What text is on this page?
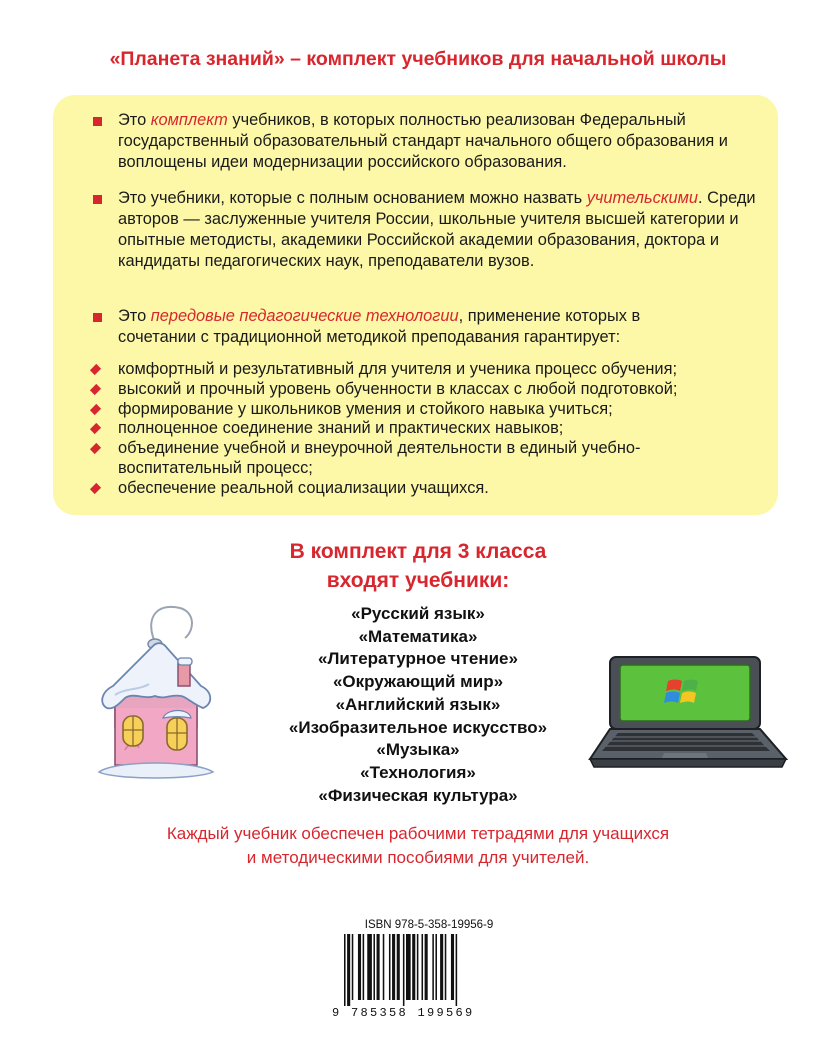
«Планета знаний» – комплект учебников для начальной школы

Это комплект учебников, в которых полностью реализован Федеральный государственный образовательный стандарт начального общего образования и воплощены идеи модернизации российского образования.

Это учебники, которые с полным основанием можно назвать учительскими. Среди авторов — заслуженные учителя России, школьные учителя высшей категории и опытные методисты, академики Российской академии образования, доктора и кандидаты педагогических наук, преподаватели вузов.

Это передовые педагогические технологии, применение которых в сочетании с традиционной методикой преподавания гарантирует:

комфортный и результативный для учителя и ученика процесс обучения;
высокий и прочный уровень обученности в классах с любой подготовкой;
формирование у школьников умения и стойкого навыка учиться;
полноценное соединение знаний и практических навыков;
объединение учебной и внеурочной деятельности в единый учебно-воспитательный процесс;
обеспечение реальной социализации учащихся.
В комплект для 3 класса
входят учебники:
«Русский язык»
«Математика»
«Литературное чтение»
«Окружающий мир»
«Английский язык»
«Изобразительное искусство»
«Музыка»
«Технология»
«Физическая культура»
Каждый учебник обеспечен рабочими тетрадями для учащихся
и методическими пособиями для учителей.
ISBN 978-5-358-19956-9
9 785358 199569
